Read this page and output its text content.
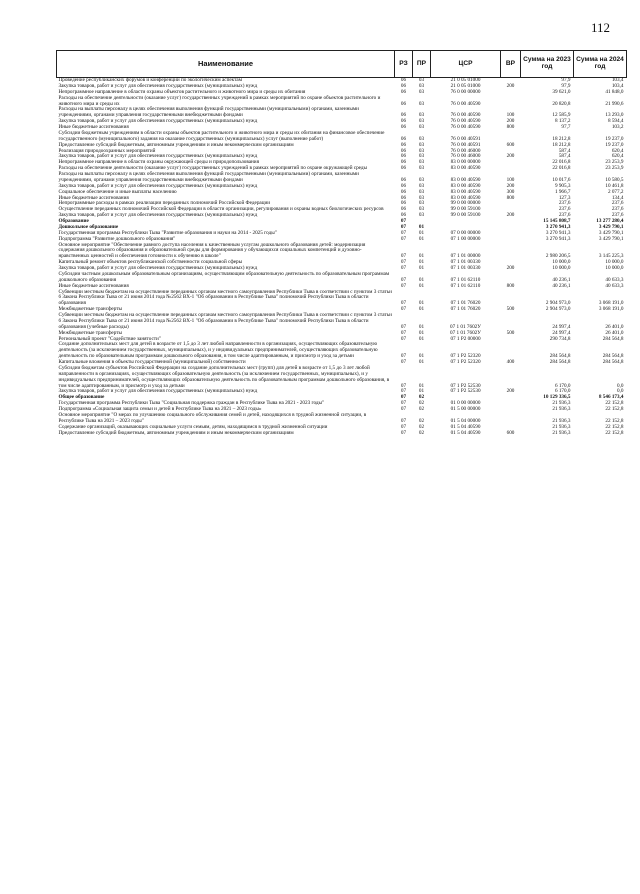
112
Наименование	РЗ	ПР	ЦСР	ВР	Сумма на 2023 год	Сумма на 2024 год
Проведение республиканских форумов и конференций по экологическим аспектам	06	03	21 0 05 01000		97,9	103,4
Закупка товаров, работ и услуг для обеспечения государственных (муниципальных) нужд	06	03	21 0 05 01000	200	97,9	103,4
Непрограммное направление в области охраны объектов растительного и животного мира и среды их обитания	06	03	76 0 00 00000		39 621,0	41 848,0
Расходы на обеспечение деятельности (оказание услуг) государственных учреждений в рамках мероприятий по охране объектов растительного и животного мира и среды их	06	03	76 0 00 40590		20 820,8	21 990,6
Расходы на выплаты персоналу в целях обеспечения выполнения функций государственными (муниципальными) органами, казенными учреждениями, органами управления государственными внебюджетными фондами	06	03	76 0 00 40590	100	12 585,9	13 293,0
Закупка товаров, работ и услуг для обеспечения государственных (муниципальных) нужд	06	03	76 0 00 40590	200	8 137,2	8 594,4
Иные бюджетные ассигнования	06	03	76 0 00 40590	800	97,7	103,2
Субсидии бюджетным учреждениям в области охраны объектов растительного и животного мира и среды их обитания на финансовое обеспечение государственного (муниципального) задания на оказание государственных (муниципальных) услуг (выполнение работ)	06	03	76 0 00 40591		18 212,8	19 237,0
Предоставление субсидий бюджетным, автономным учреждениям и иным некоммерческим организациям	06	03	76 0 00 40591	600	18 212,8	19 237,0
Реализация природоохранных мероприятий	06	03	76 0 00 46000		587,4	620,4
Закупка товаров, работ и услуг для обеспечения государственных (муниципальных) нужд	06	03	76 0 00 46000	200	587,4	620,4
Непрограммное направление в области охраны окружающей среды и природопользования	06	03	83 0 00 00000		22 016,8	23 253,9
Расходы на обеспечение деятельности (оказание услуг) государственных учреждений в рамках мероприятий по охране окружающей среды	06	03	83 0 00 40590		22 016,8	23 253,9
Расходы на выплаты персоналу в целях обеспечения выполнения функций государственными (муниципальными) органами, казенными учреждениями, органами управления государственными внебюджетными фондами	06	03	83 0 00 40590	100	10 017,6	10 580,5
Закупка товаров, работ и услуг для обеспечения государственных (муниципальных) нужд	06	03	83 0 00 40590	200	9 905,3	10 461,8
Социальное обеспечение и иные выплаты населению	06	03	83 0 00 40590	300	1 966,7	2 077,2
Иные бюджетные ассигнования	06	03	83 0 00 40590	800	127,3	134,4
Непрограммные расходы в рамках реализации переданных полномочий Российской Федерации	06	03	99 0 00 00000		237,6	237,6
Осуществление переданных полномочий Российской Федерации в области организации, регулирования и охраны водных биологических ресурсов	06	03	99 0 00 59100		237,6	237,6
Закупка товаров, работ и услуг для обеспечения государственных (муниципальных) нужд	06	03	99 0 00 59100	200	237,6	237,6
Образование	07				15 145 808,7	13 277 280,4
Дошкольное образование	07	01			3 270 941,3	3 429 790,1
Государственная программа Республики Тыва "Развитие образования и науки на 2014 - 2025 годы"	07	01	07 0 00 00000		3 270 941,3	3 429 790,1
Подпрограмма "Развитие дошкольного образования"	07	01	07 1 00 00000		3 270 941,3	3 429 790,1
Основное мероприятие "Обеспечение равного доступа населения к качественным услугам дошкольного образования детей: модернизация содержания дошкольного образования и образовательной среды для формирования у обучающихся социальных компетенций и духовно-нравственных ценностей и обеспечения готовности к обучению в школе"	07	01	07 1 01 00000		2 980 206,5	3 145 225,3
Капитальный ремонт объектов республиканской собственности социальной сферы	07	01	07 1 01 00330		10 000,0	10 000,0
Закупка товаров, работ и услуг для обеспечения государственных (муниципальных) нужд	07	01	07 1 01 00330	200	10 000,0	10 000,0
Субсидии частным дошкольным образовательным организациям, осуществляющим образовательную деятельность по образовательным программам дошкольного образования	07	01	07 1 01 62110		40 236,1	40 633,3
Иные бюджетные ассигнования	07	01	07 1 01 62110	800	40 236,1	40 633,3
Субвенции местным бюджетам на осуществление переданных органам местного самоуправления Республики Тыва в соответствии с пунктом 3 статьи 6 Закона Республики Тыва от 21 июня 2014 года №2562 ВХ-1 "Об образовании в Республике Тыва" полномочий Республики Тыва в области образования	07	01	07 1 01 76020		2 904 973,0	3 068 191,0
Межбюджетные трансферты	07	01	07 1 01 76020	500	2 904 973,0	3 068 191,0
Субвенции местным бюджетам на осуществление переданных органам местного самоуправления Республики Тыва в соответствии с пунктом 3 статьи 6 Закона Республики Тыва от 21 июня 2014 года №2562 ВХ-1 "Об образовании в Республике Тыва" полномочий Республики Тыва в области образования (учебные расходы)	07	01	07 1 01 7602У		24 997,4	26 401,0
Межбюджетные трансферты	07	01	07 1 01 7602У	500	24 997,4	26 401,0
Региональный проект "Содействие занятости"	07	01	07 1 Р2 00000		290 734,8	284 564,8
Создание дополнительных мест для детей в возрасте от 1,5 до 3 лет любой направленности в организациях, осуществляющих образовательную деятельность (за исключением государственных, муниципальных), и у индивидуальных предпринимателей, осуществляющих образовательную деятельность по образовательным программам дошкольного образования, в том числе адаптированным, и присмотр и уход за детьми	07	01	07 1 Р2 52320		284 564,8	284 564,8
Капитальные вложения в объекты государственной (муниципальной) собственности	07	01	07 1 Р2 52320	400	284 564,8	284 564,8
Субсидии бюджетам субъектов Российской Федерации на создание дополнительных мест (групп) для детей в возрасте от 1,5 до 3 лет любой направленности в организациях, осуществляющих образовательную деятельность (за исключением государственных, муниципальных), и у индивидуальных предпринимателей, осуществляющих образовательную деятельность по образовательным программам дошкольного образования, в том числе адаптированным, и присмотр и уход за детьми	07	01	07 1 Р2 52530		6 170,0	0,0
Закупка товаров, работ и услуг для обеспечения государственных (муниципальных) нужд	07	01	07 1 Р2 52530	200	6 170,0	0,0
Общее образование	07	02			10 129 336,5	8 546 173,4
Государственная программа Республики Тыва "Социальная поддержка граждан в Республике Тыва на 2021 - 2023 годы"	07	02	01 0 00 00000		21 936,3	22 152,8
Подпрограмма «Социальная защита семьи и детей в Республике Тыва на 2021 – 2023 годы»	07	02	01 5 00 00000		21 936,3	22 152,8
Основное мероприятие "О мерах по улучшению социального обслуживания семей и детей, находящихся в трудной жизненной ситуации, в Республике Тыва на 2021 – 2023 годы"	07	02	01 5 04 00000		21 936,3	22 152,8
Содержание организаций, оказывающих социальные услуги семьям, детям, находящимся в трудной жизненной ситуации	07	02	01 5 04 40590		21 936,3	22 152,8
Предоставление субсидий бюджетным, автономным учреждениям и иным некоммерческим организациям	07	02	01 5 04 40590	600	21 936,3	22 152,8
